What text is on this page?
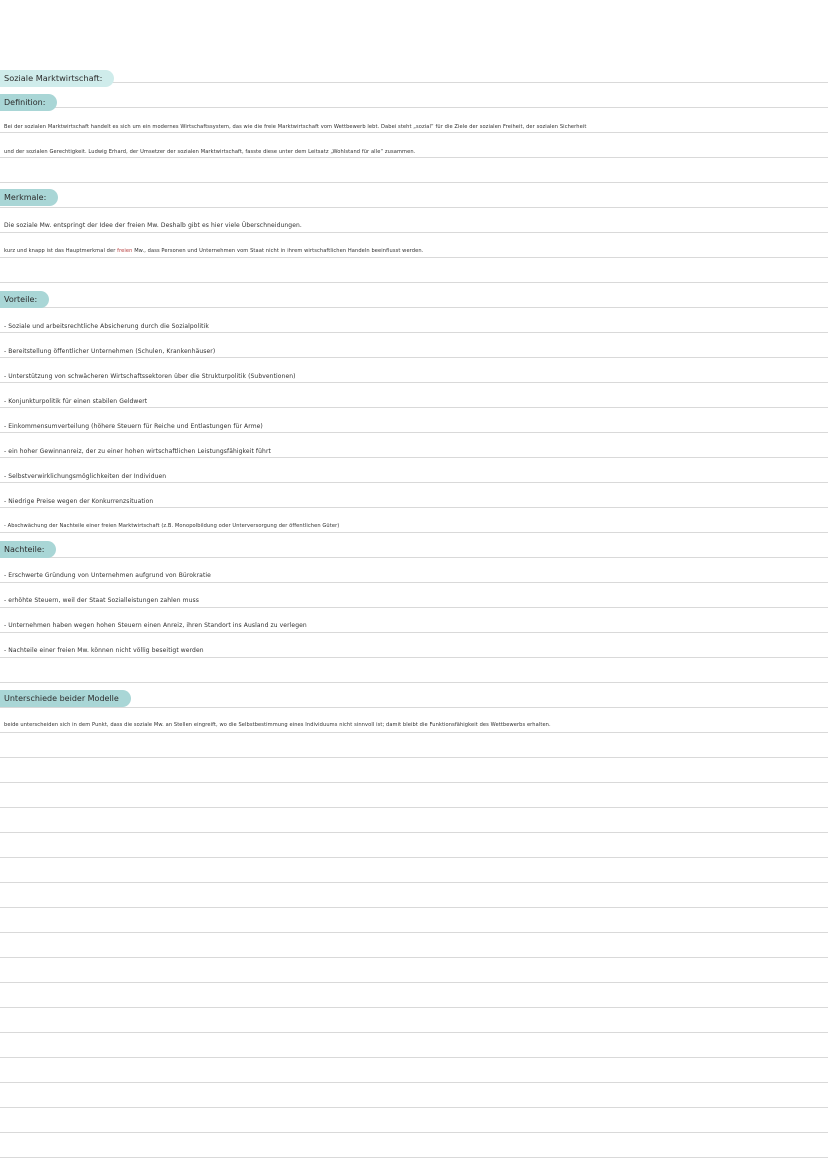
Soziale Marktwirtschaft:
Definition:
Bei der sozialen Marktwirtschaft handelt es sich um ein modernes Wirtschaftssystem, das wie die freie Marktwirtschaft vom Wettbewerb lebt. Dabei steht „sozial“ für die Ziele der sozialen Freiheit, der sozialen Sicherheit
und der sozialen Gerechtigkeit. Ludwig Erhard, der Umsetzer der sozialen Marktwirtschaft, fasste diese unter dem Leitsatz „Wohlstand für alle“ zusammen.
Merkmale:
Die soziale Mw. entspringt der Idee der freien Mw. Deshalb gibt es hier viele Überschneidungen.
kurz und knapp ist das Hauptmerkmal der freien Mw., dass Personen und Unternehmen vom Staat nicht in ihrem wirtschaftlichen Handeln beeinflusst werden.
Vorteile:
- Soziale und arbeitsrechtliche Absicherung durch die Sozialpolitik
- Bereitstellung öffentlicher Unternehmen (Schulen, Krankenhäuser)
- Unterstützung von schwächeren Wirtschaftssektoren über die Strukturpolitik (Subventionen)
- Konjunkturpolitik für einen stabilen Geldwert
- Einkommensumverteilung (höhere Steuern für Reiche und Entlastungen für Arme)
- ein hoher Gewinnanreiz, der zu einer hohen wirtschaftlichen Leistungsfähigkeit führt
- Selbstverwirklichungsmöglichkeiten der Individuen
- Niedrige Preise wegen der Konkurrenzsituation
- Abschwächung der Nachteile einer freien Marktwirtschaft (z.B. Monopolbildung oder Unterversorgung der öffentlichen Güter)
Nachteile:
- Erschwerte Gründung von Unternehmen aufgrund von Bürokratie
- erhöhte Steuern, weil der Staat Sozialleistungen zahlen muss
- Unternehmen haben wegen hohen Steuern einen Anreiz, ihren Standort ins Ausland zu verlegen
- Nachteile einer freien Mw. können nicht völlig beseitigt werden
Unterschiede beider Modelle
beide unterscheiden sich in dem Punkt, dass die soziale Mw. an Stellen eingreift, wo die Selbstbestimmung eines Individuums nicht sinnvoll ist; damit bleibt die Funktionsfähigkeit des Wettbewerbs erhalten.
